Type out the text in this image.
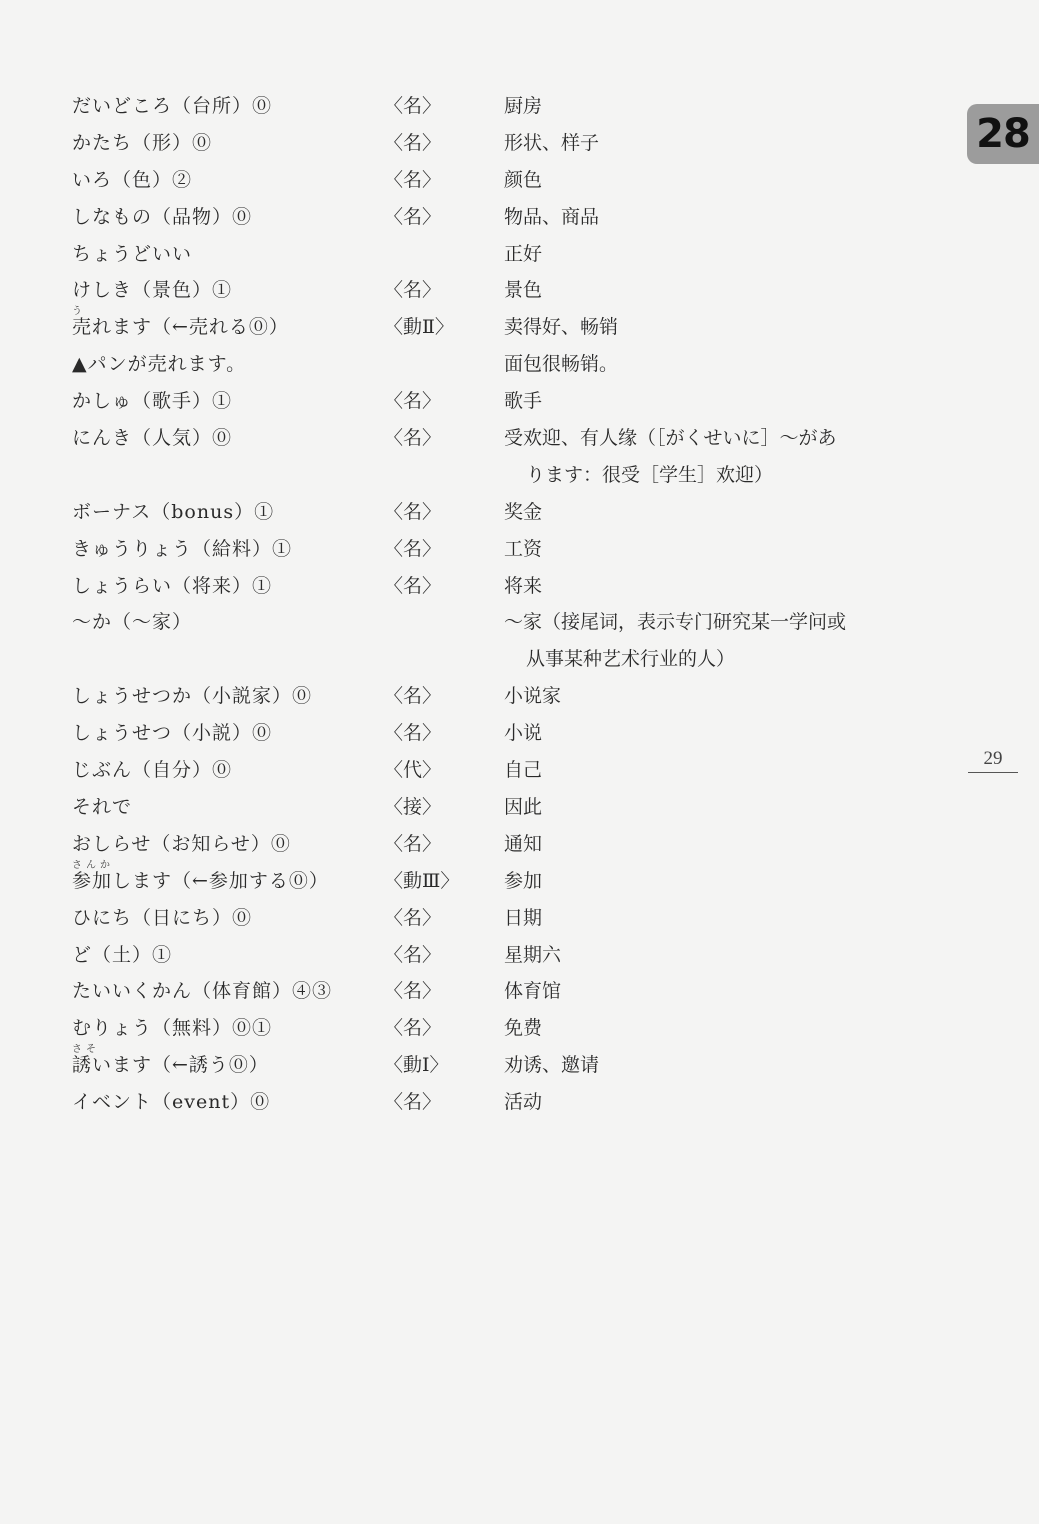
28
29
だいどころ（台所）⓪	〈名〉	厨房
かたち（形）⓪	〈名〉	形状、样子
いろ（色）②	〈名〉	颜色
しなもの（品物）⓪	〈名〉	物品、商品
ちょうどいい	正好
けしき（景色）①	〈名〉	景色
う
売れます（←売れる⓪）	〈動Ⅱ〉	卖得好、畅销
▲パンが売れます。	面包很畅销。
かしゅ（歌手）①	〈名〉	歌手
にんき（人気）⓪	〈名〉	受欢迎、有人缘（［がくせいに］～があ
ります：很受［学生］欢迎）
ボーナス（bonus）①	〈名〉	奖金
きゅうりょう（給料）①	〈名〉	工资
しょうらい（将来）①	〈名〉	将来
～か（～家）	～家（接尾词，表示专门研究某一学问或
从事某种艺术行业的人）
しょうせつか（小説家）⓪	〈名〉	小说家
しょうせつ（小説）⓪	〈名〉	小说
じぶん（自分）⓪	〈代〉	自己
それで	〈接〉	因此
おしらせ（お知らせ）⓪	〈名〉	通知
さんか
参加します（←参加する⓪）	〈動Ⅲ〉 参加
ひにち（日にち）⓪	〈名〉	日期
ど（土）①	〈名〉	星期六
たいいくかん（体育館）④③	〈名〉	体育馆
むりょう（無料）⓪①	〈名〉	免费
さそ
誘います（←誘う⓪）	〈動Ⅰ〉	劝诱、邀请
イベント（event）⓪	〈名〉	活动
